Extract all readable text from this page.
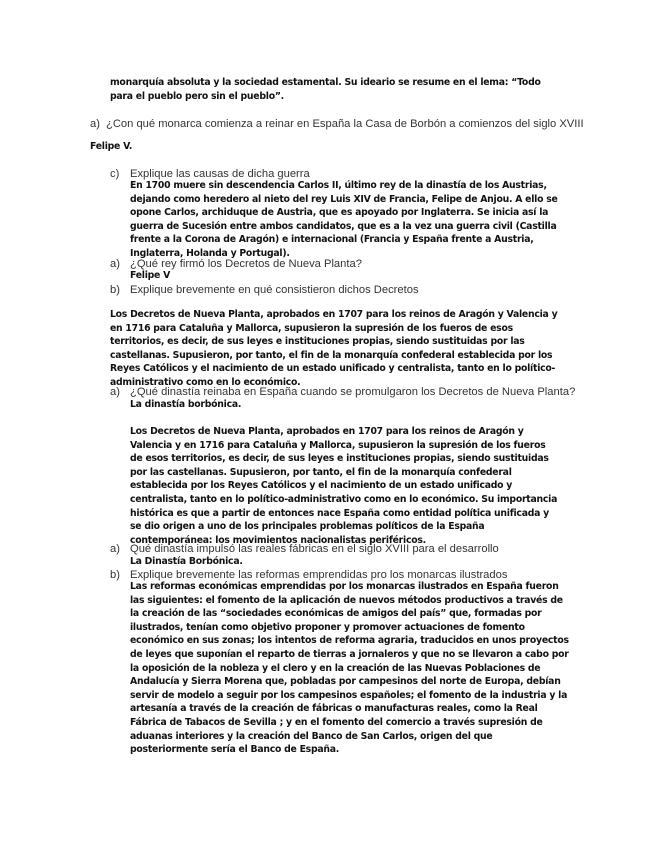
monarquía absoluta y la sociedad estamental. Su ideario se resume en el lema: “Todo para el pueblo pero sin el pueblo”.

a) ¿Con qué monarca comienza a reinar en España la Casa de Borbón a comienzos del siglo XVIII

Felipe V.

c) Explique las causas de dicha guerra

En 1700 muere sin descendencia Carlos II, último rey de la dinastía de los Austrias, dejando como heredero al nieto del rey Luis XIV de Francia, Felipe de Anjou. A ello se opone Carlos, archiduque de Austria, que es apoyado por Inglaterra. Se inicia así la guerra de Sucesión entre ambos candidatos, que es a la vez una guerra civil (Castilla frente a la Corona de Aragón) e internacional (Francia y España frente a Austria, Inglaterra, Holanda y Portugal).

a) ¿Qué rey firmó los Decretos de Nueva Planta?

Felipe V

b) Explique brevemente en qué consistieron dichos Decretos

Los Decretos de Nueva Planta, aprobados en 1707 para los reinos de Aragón y Valencia y en 1716 para Cataluña y Mallorca, supusieron la supresión de los fueros de esos territorios, es decir, de sus leyes e instituciones propias, siendo sustituidas por las castellanas. Supusieron, por tanto, el fin de la monarquía confederal establecida por los Reyes Católicos y el nacimiento de un estado unificado y centralista, tanto en lo político-administrativo como en lo económico.

a) ¿Qué dinastía reinaba en España cuando se promulgaron los Decretos de Nueva Planta?

La dinastía borbónica.

Los Decretos de Nueva Planta, aprobados en 1707 para los reinos de Aragón y Valencia y en 1716 para Cataluña y Mallorca, supusieron la supresión de los fueros de esos territorios, es decir, de sus leyes e instituciones propias, siendo sustituidas por las castellanas. Supusieron, por tanto, el fin de la monarquía confederal establecida por los Reyes Católicos y el nacimiento de un estado unificado y centralista, tanto en lo político-administrativo como en lo económico. Su importancia histórica es que a partir de entonces nace España como entidad política unificada y se dio origen a uno de los principales problemas políticos de la España contemporánea: los movimientos nacionalistas periféricos.

a) Qué dinastía impulsó las reales fábricas en el siglo XVIII para el desarrollo

La Dinastía Borbónica.

b) Explique brevemente las reformas emprendidas pro los monarcas ilustrados

Las reformas económicas emprendidas por los monarcas ilustrados en España fueron las siguientes: el fomento de la aplicación de nuevos métodos productivos a través de la creación de las “sociedades económicas de amigos del país” que, formadas por ilustrados, tenían como objetivo proponer y promover actuaciones de fomento económico en sus zonas; los intentos de reforma agraria, traducidos en unos proyectos de leyes que suponían el reparto de tierras a jornaleros y que no se llevaron a cabo por la oposición de la nobleza y el clero y en la creación de las Nuevas Poblaciones de Andalucía y Sierra Morena que, pobladas por campesinos del norte de Europa, debían servir de modelo a seguir por los campesinos españoles; el fomento de la industria y la artesanía a través de la creación de fábricas o manufacturas reales, como la Real Fábrica de Tabacos de Sevilla ; y en el fomento del comercio a través supresión de aduanas interiores y la creación del Banco de San Carlos, origen del que posteriormente sería el Banco de España.
